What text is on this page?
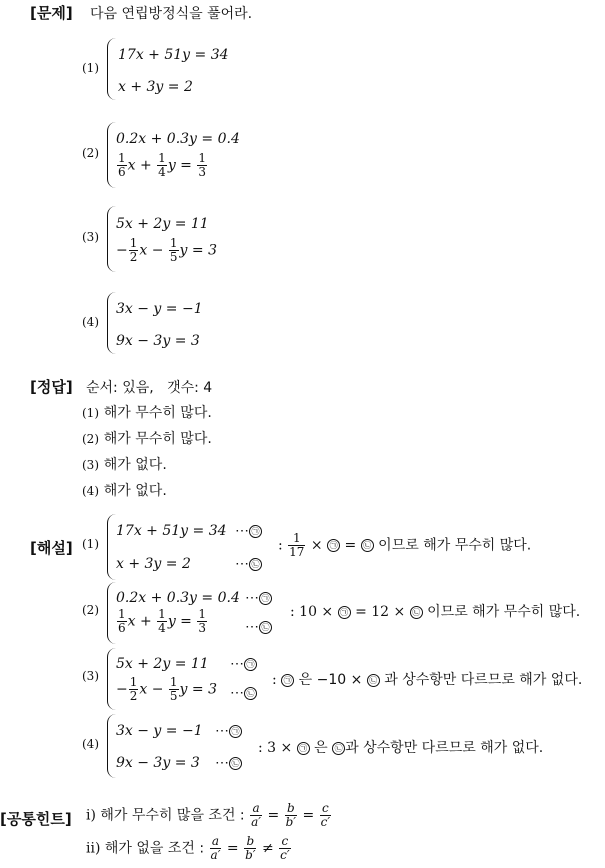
[문제] 다음 연립방정식을 풀어라.
(1)
17x + 51y = 34
x + 3y = 2
(2)
0.2x + 0.3y = 0.4
$\frac{1}{6}$ $x + \frac{1}{4}$ $y = \frac{1}{3}$
(3)
5x + 2y = 11
− $\frac{1}{2}$ $x - \frac{1}{5}$ y = 3
(4)
3x − y = −1
9x − 3y = 3
[정답] 순서: 있음,   갯수: 4
(1) 해가 무수히 많다.
(2) 해가 무수히 많다.
(3) 해가 없다.
(4) 해가 없다.
[해설] (1)
17x + 51y = 34 ⋯ ㉠
x + 3y = 2	⋯ ㉡
: $\frac{1}{17}$ × ㉠ = ㉡ 이므로 해가 무수히 많다.
(2)
0.2x + 0.3y = 0.4 ⋯ ㉠
$\frac{1}{6}$ $x + \frac{1}{4}$ $y = \frac{1}{3}$	⋯ ㉡
: 10 × ㉠ = 12 × ㉡ 이므로 해가 무수히 많다.
(3)
5x + 2y = 11 ⋯ ㉠
− $\frac{1}{2}$ $x - \frac{1}{5}$ y = 3 ⋯ ㉡
: ㉠ 은 −10 × ㉡ 과 상수항만 다르므로 해가 없다.
(4)
3x − y = −1 ⋯ ㉠
9x − 3y = 3 ⋯ ㉡
: 3 × ㉠ 은 ㉡ 과 상수항만 다르므로 해가 없다.
[공통힌트] ⅰ) 해가 무수히 많을 조건 : $\frac{a}{a'} = \frac{b}{b'} = \frac{c}{c'}$
ⅱ) 해가 없을 조건 : $\frac{a}{a'} = \frac{b}{b'} \ne \frac{c}{c'}$
